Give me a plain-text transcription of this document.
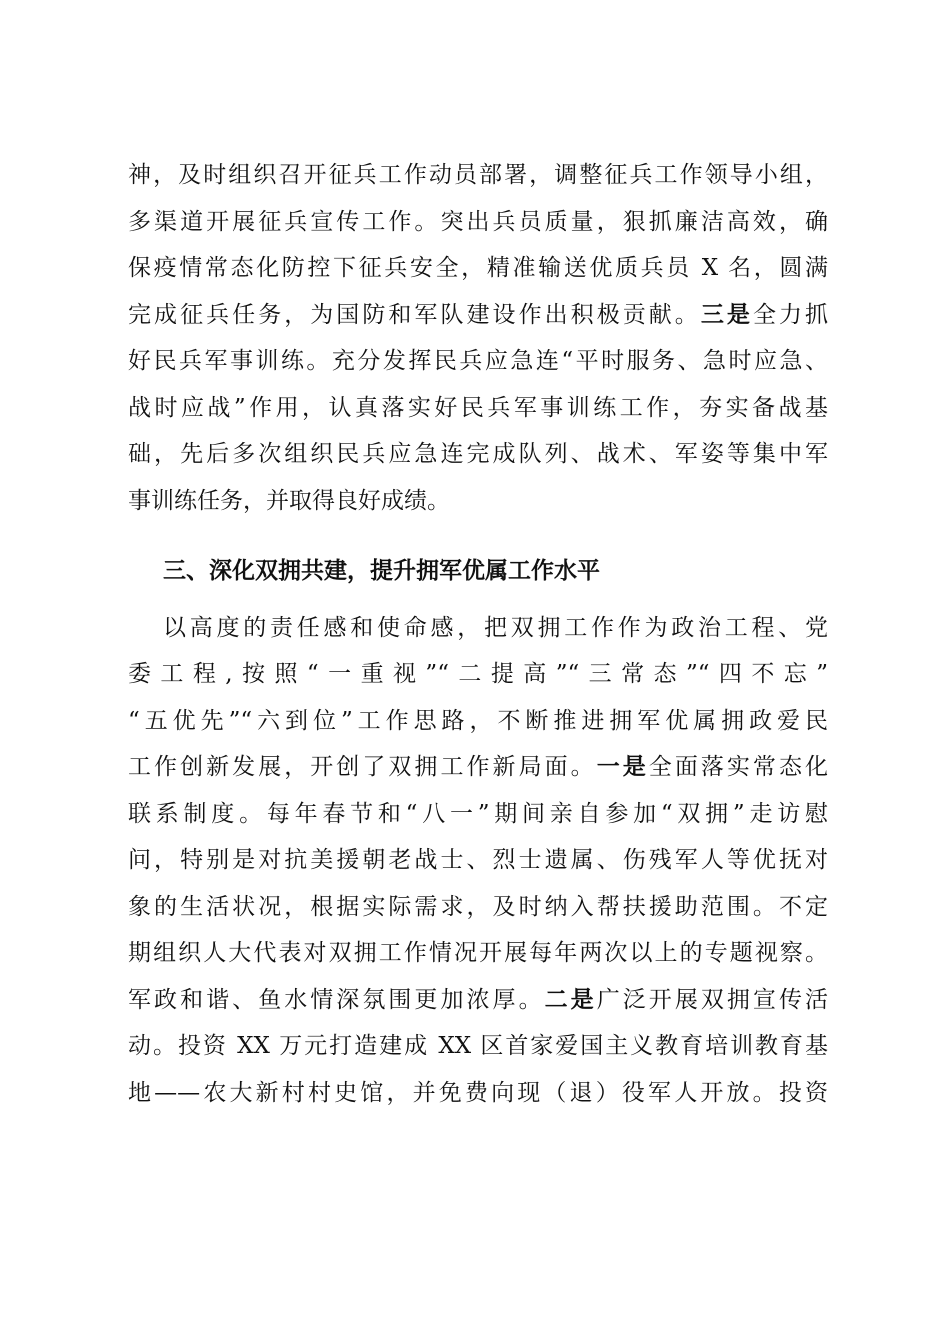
神，及时组织召开征兵工作动员部署，调整征兵工作领导小组，
多渠道开展征兵宣传工作。突出兵员质量，狠抓廉洁高效，确
保疫情常态化防控下征兵安全，精准输送优质兵员 X 名，圆满
完成征兵任务，为国防和军队建设作出积极贡献。三是全力抓
好民兵军事训练。充分发挥民兵应急连“平时服务、急时应急、
战时应战”作用，认真落实好民兵军事训练工作，夯实备战基
础，先后多次组织民兵应急连完成队列、战术、军姿等集中军
事训练任务，并取得良好成绩。
三、深化双拥共建，提升拥军优属工作水平
以高度的责任感和使命感，把双拥工作作为政治工程、党
委工程,按照“一重视”“二提高”“三常态”“四不忘”
“五优先”“六到位”工作思路，不断推进拥军优属拥政爱民
工作创新发展，开创了双拥工作新局面。一是全面落实常态化
联系制度。每年春节和“八一”期间亲自参加“双拥”走访慰
问，特别是对抗美援朝老战士、烈士遗属、伤残军人等优抚对
象的生活状况，根据实际需求，及时纳入帮扶援助范围。不定
期组织人大代表对双拥工作情况开展每年两次以上的专题视察。
军政和谐、鱼水情深氛围更加浓厚。二是广泛开展双拥宣传活
动。投资 XX 万元打造建成 XX 区首家爱国主义教育培训教育基
地——农大新村村史馆，并免费向现（退）役军人开放。投资
